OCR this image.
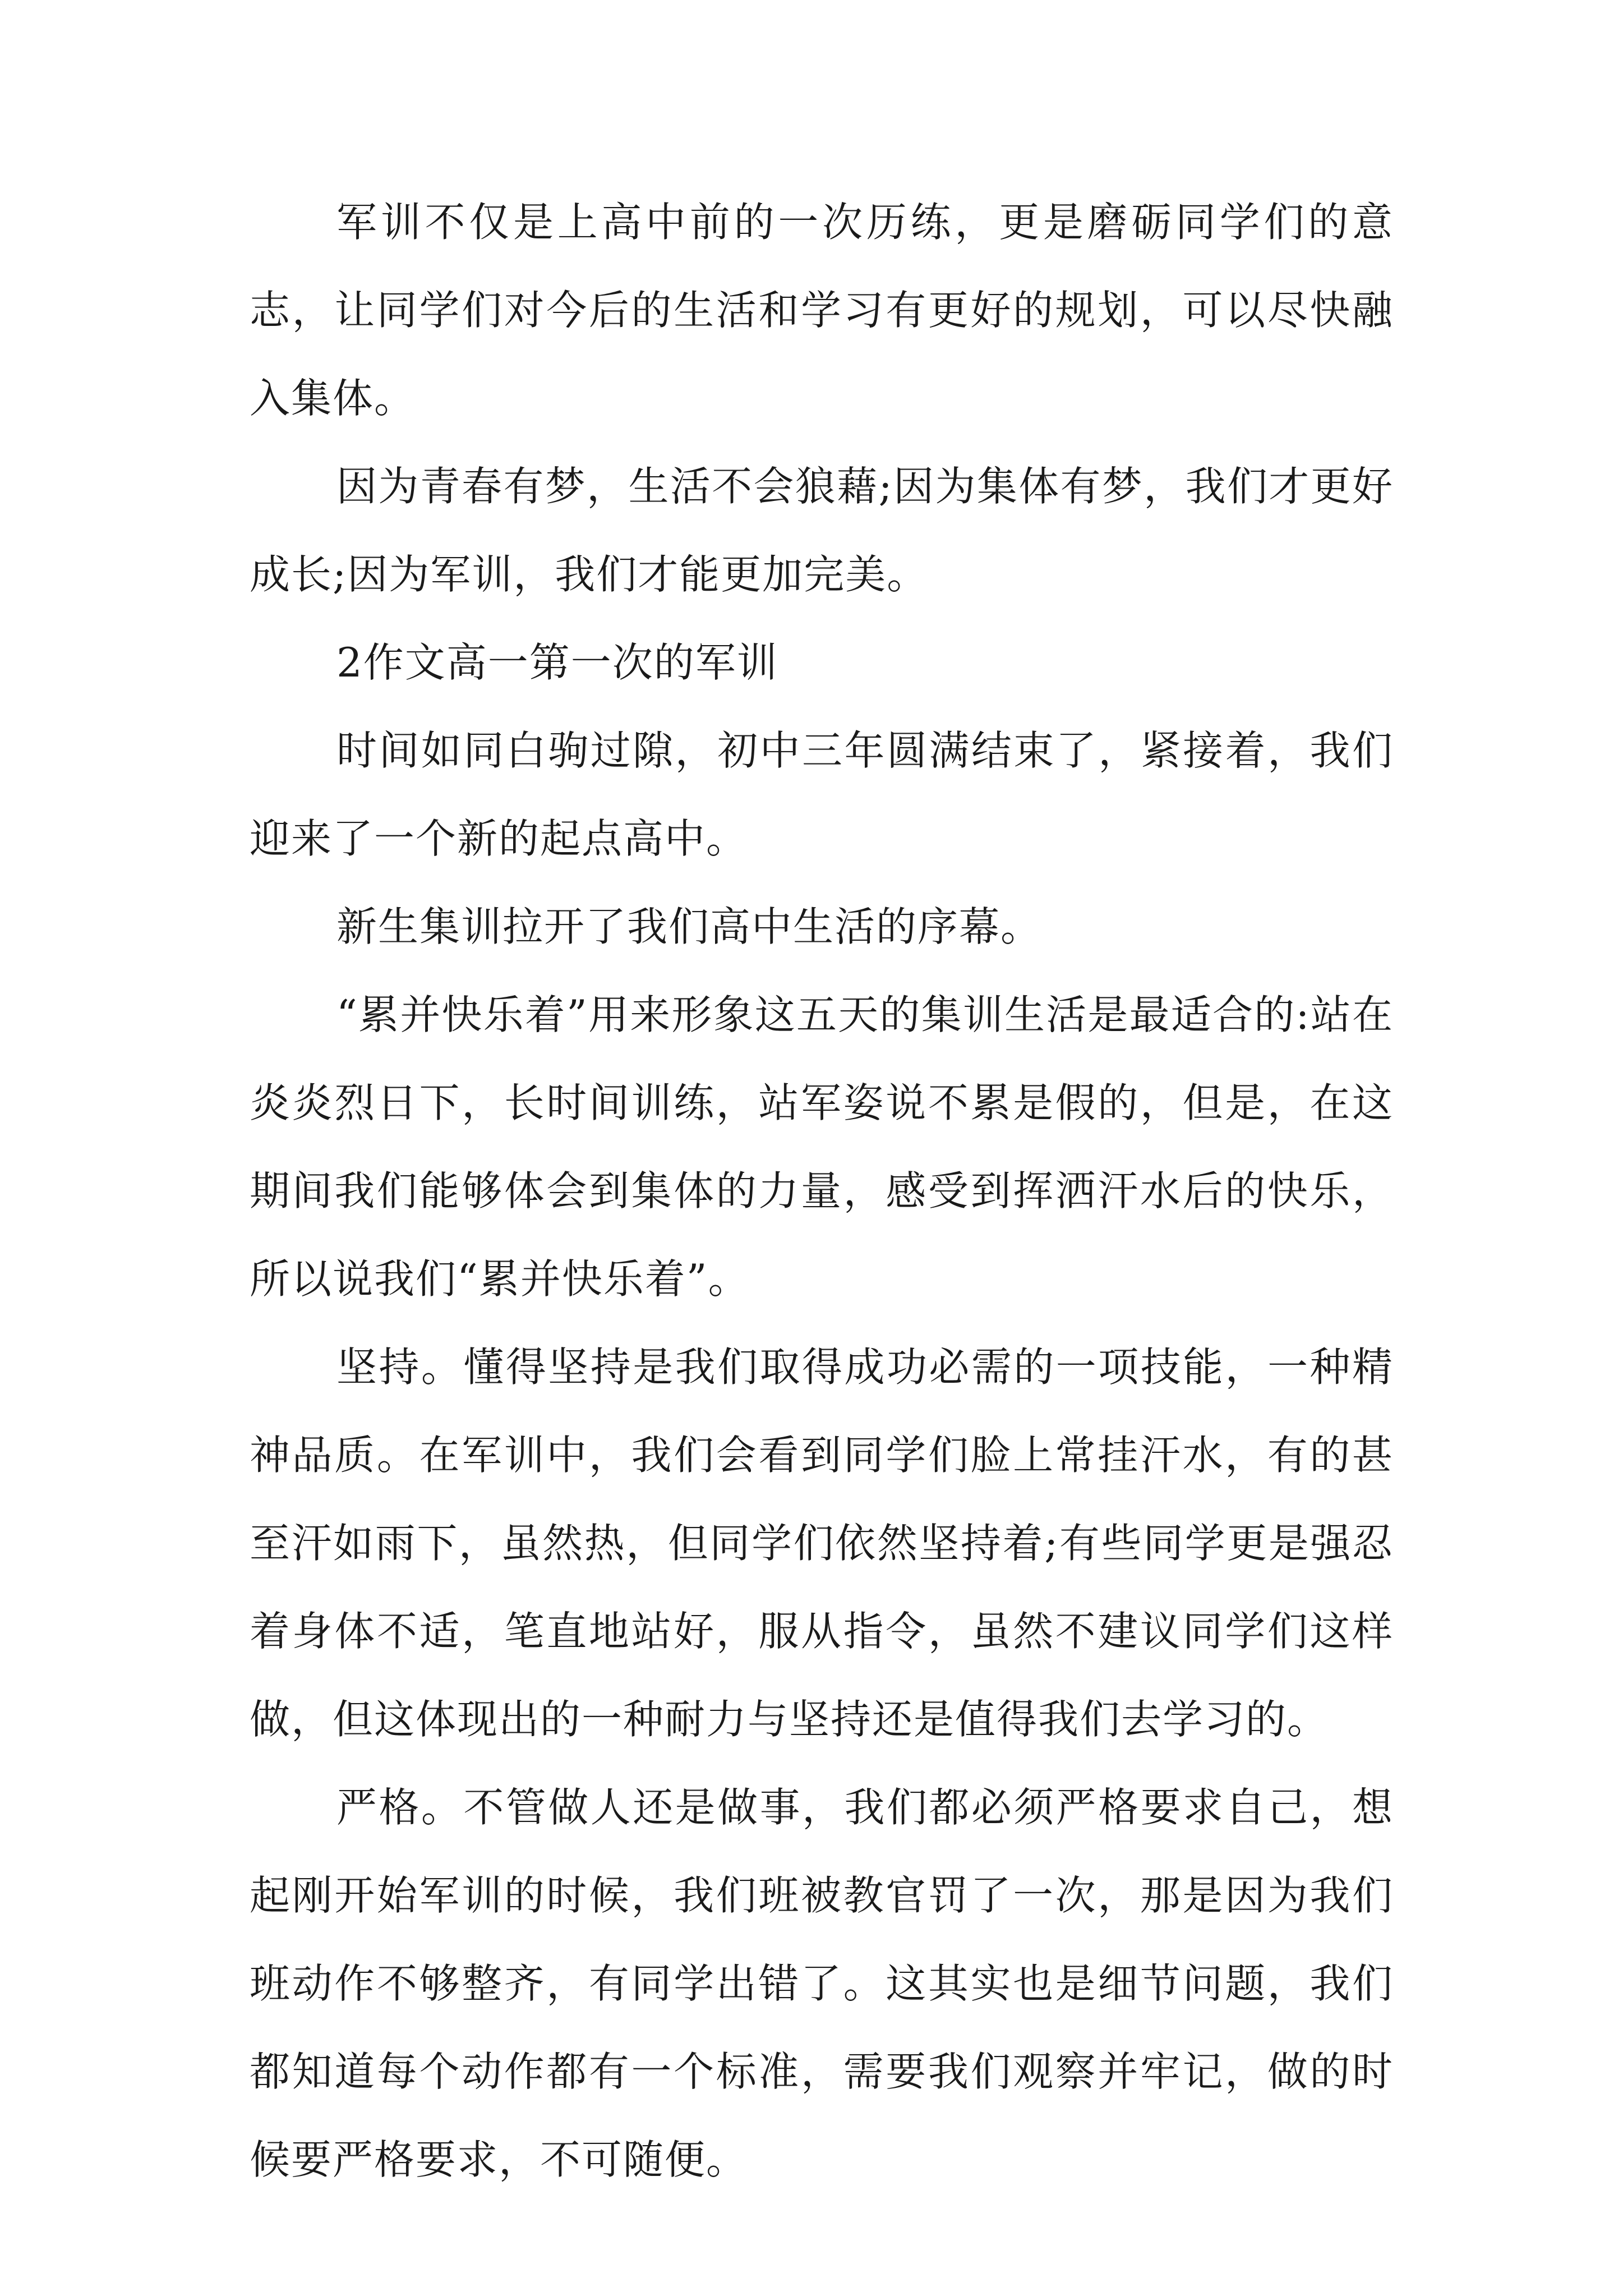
军训不仅是上高中前的一次历练，更是磨砺同学们的意志，让同学们对今后的生活和学习有更好的规划，可以尽快融入集体。

因为青春有梦，生活不会狼藉;因为集体有梦，我们才更好成长;因为军训，我们才能更加完美。

2作文高一第一次的军训

时间如同白驹过隙，初中三年圆满结束了，紧接着，我们迎来了一个新的起点高中。

新生集训拉开了我们高中生活的序幕。

“累并快乐着”用来形象这五天的集训生活是最适合的:站在炎炎烈日下，长时间训练，站军姿说不累是假的，但是，在这期间我们能够体会到集体的力量，感受到挥洒汗水后的快乐，所以说我们“累并快乐着”。

坚持。懂得坚持是我们取得成功必需的一项技能，一种精神品质。在军训中，我们会看到同学们脸上常挂汗水，有的甚至汗如雨下，虽然热，但同学们依然坚持着;有些同学更是强忍着身体不适，笔直地站好，服从指令，虽然不建议同学们这样做，但这体现出的一种耐力与坚持还是值得我们去学习的。

严格。不管做人还是做事，我们都必须严格要求自己，想起刚开始军训的时候，我们班被教官罚了一次，那是因为我们班动作不够整齐，有同学出错了。这其实也是细节问题，我们都知道每个动作都有一个标准，需要我们观察并牢记，做的时候要严格要求，不可随便。
